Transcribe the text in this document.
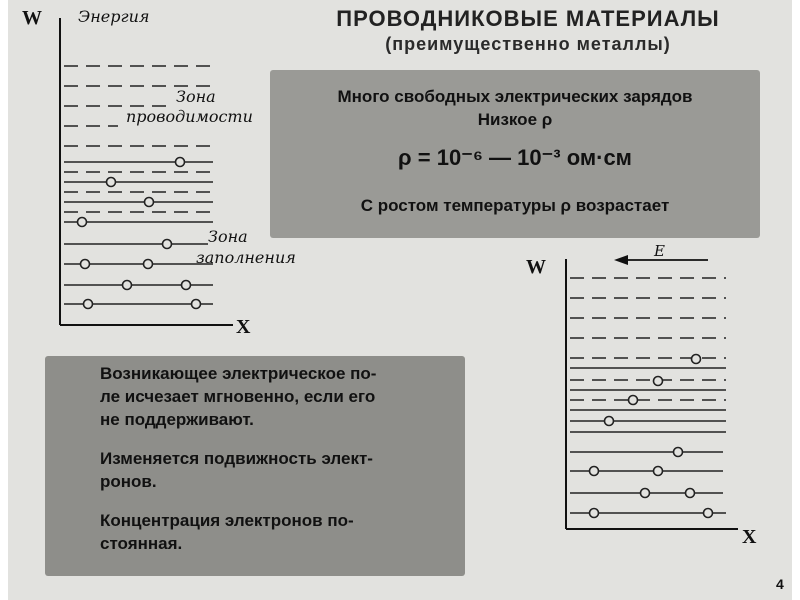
W Энергия
X
Зона
проводимости
Зона
заполнения
ПРОВОДНИКОВЫЕ МАТЕРИАЛЫ
(преимущественно металлы)
Много свободных электрических зарядов
Низкое ρ
ρ = 10⁻⁶ — 10⁻³ ом·см
С ростом температуры ρ возрастает
W
X
E

Возникающее электрическое по-

ле исчезает мгновенно, если его

не поддерживают.

Изменяется подвижность элект-

ронов.

Концентрация электронов по-

стоянная.

4
